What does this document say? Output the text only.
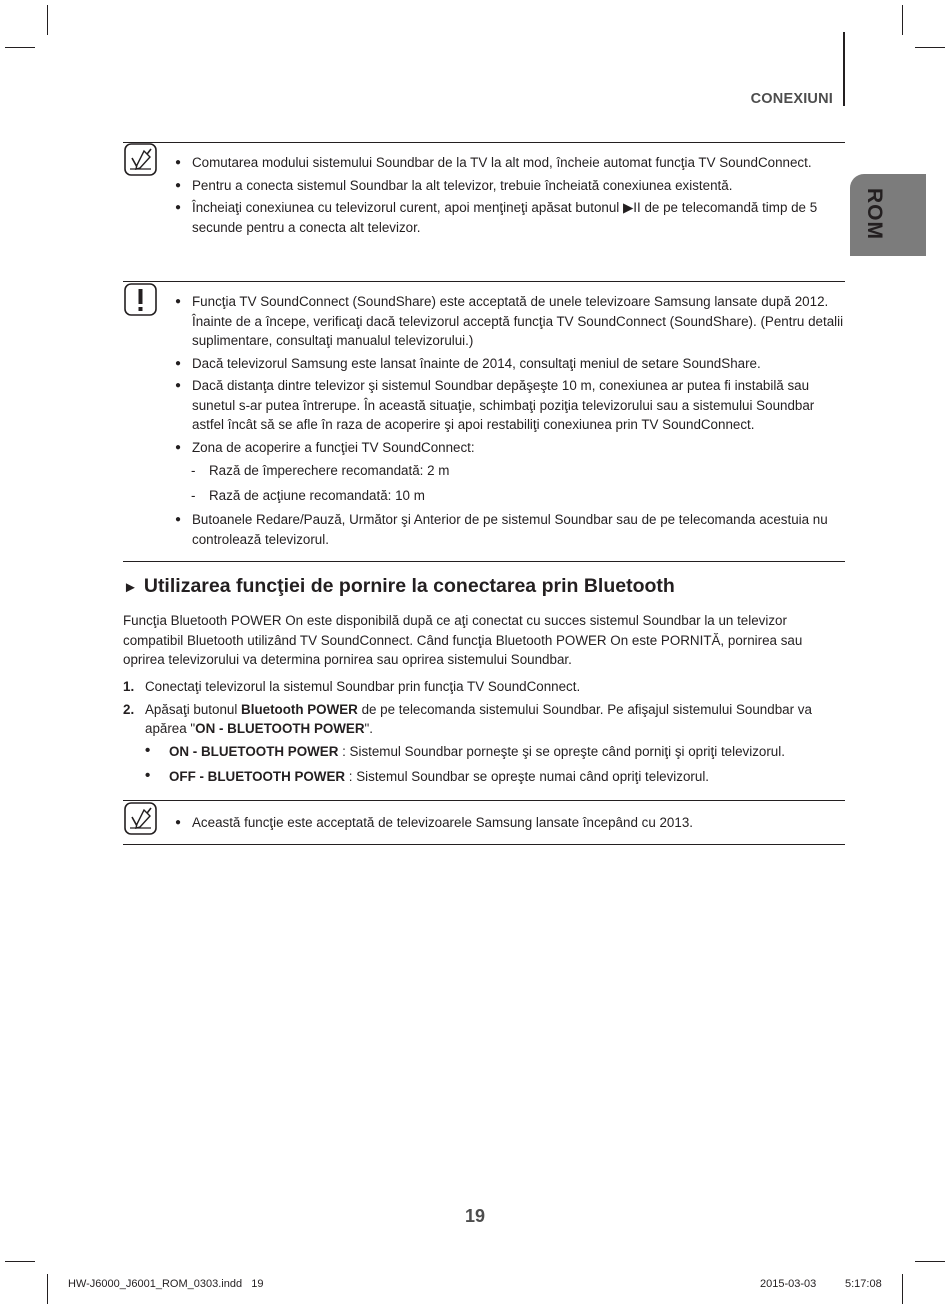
CONEXIUNI
ROM
● Comutarea modului sistemului Soundbar de la TV la alt mod, încheie automat funcţia TV SoundConnect.
● Pentru a conecta sistemul Soundbar la alt televizor, trebuie încheiată conexiunea existentă.
● Încheiaţi conexiunea cu televizorul curent, apoi menţineţi apăsat butonul ▶II de pe telecomandă timp de 5 secunde pentru a conecta alt televizor.
● Funcţia TV SoundConnect (SoundShare) este acceptată de unele televizoare Samsung lansate după 2012. Înainte de a începe, verificaţi dacă televizorul acceptă funcţia TV SoundConnect (SoundShare). (Pentru detalii suplimentare, consultaţi manualul televizorului.)
● Dacă televizorul Samsung este lansat înainte de 2014, consultaţi meniul de setare SoundShare.
● Dacă distanţa dintre televizor şi sistemul Soundbar depăşeşte 10 m, conexiunea ar putea fi instabilă sau sunetul s-ar putea întrerupe. În această situaţie, schimbaţi poziţia televizorului sau a sistemului Soundbar astfel încât să se afle în raza de acoperire şi apoi restabiliţi conexiunea prin TV SoundConnect.
● Zona de acoperire a funcţiei TV SoundConnect:
- Rază de împerechere recomandată: 2 m
- Rază de acţiune recomandată: 10 m
● Butoanele Redare/Pauză, Următor şi Anterior de pe sistemul Soundbar sau de pe telecomanda acestuia nu controlează televizorul.
► Utilizarea funcţiei de pornire la conectarea prin Bluetooth

Funcţia Bluetooth POWER On este disponibilă după ce aţi conectat cu succes sistemul Soundbar la un televizor compatibil Bluetooth utilizând TV SoundConnect. Când funcţia Bluetooth POWER On este PORNITĂ, pornirea sau oprirea televizorului va determina pornirea sau oprirea sistemului Soundbar.

1. Conectaţi televizorul la sistemul Soundbar prin funcţia TV SoundConnect.
2. Apăsaţi butonul Bluetooth POWER de pe telecomanda sistemului Soundbar. Pe afişajul sistemului Soundbar va apărea "ON - BLUETOOTH POWER".
• ON - BLUETOOTH POWER : Sistemul Soundbar porneşte şi se opreşte când porniţi şi opriţi televizorul.
• OFF - BLUETOOTH POWER : Sistemul Soundbar se opreşte numai când opriţi televizorul.
● Această funcţie este acceptată de televizoarele Samsung lansate începând cu 2013.
19
HW-J6000_J6001_ROM_0303.indd   19	2015-03-03	5:17:08
